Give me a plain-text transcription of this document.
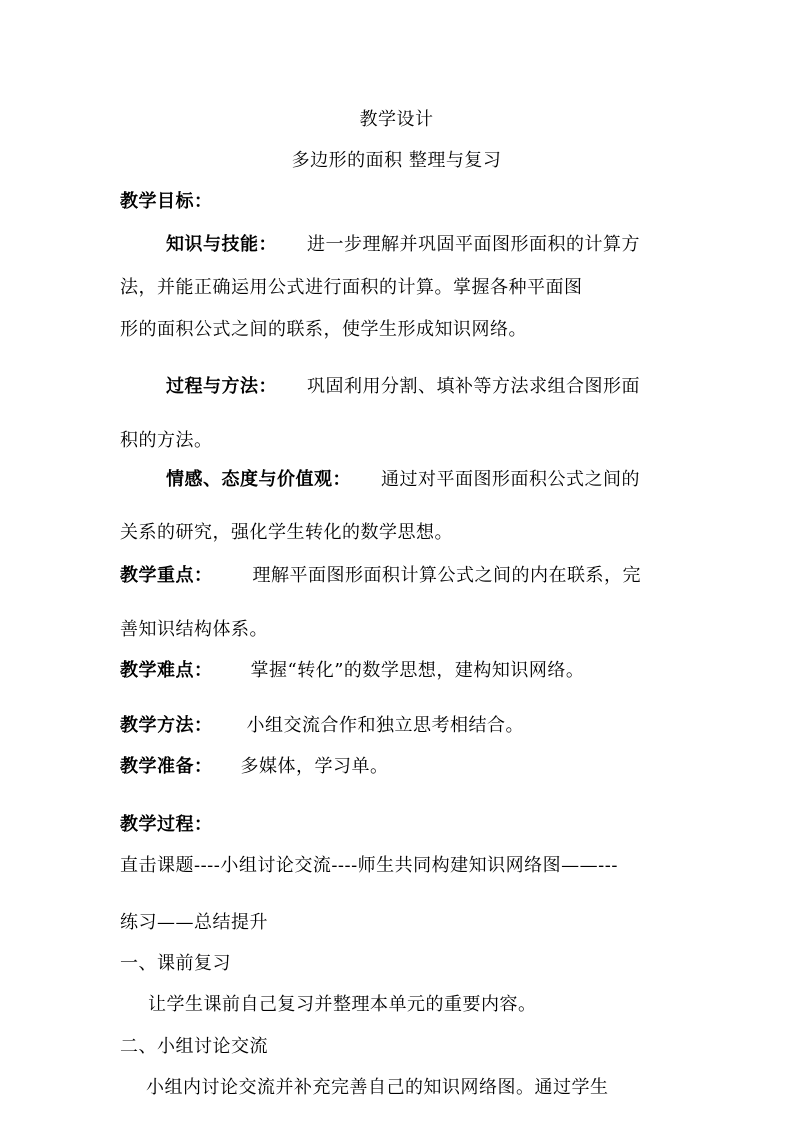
教学设计
多边形的面积 整理与复习
教学目标：
知识与技能： 进一步理解并巩固平面图形面积的计算方
法，并能正确运用公式进行面积的计算。掌握各种平面图
形的面积公式之间的联系，使学生形成知识网络。
过程与方法： 巩固利用分割、填补等方法求组合图形面
积的方法。
情感、态度与价值观： 通过对平面图形面积公式之间的
关系的研究，强化学生转化的数学思想。
教学重点： 理解平面图形面积计算公式之间的内在联系，完
善知识结构体系。
教学难点： 掌握“转化”的数学思想，建构知识网络。
教学方法： 小组交流合作和独立思考相结合。
教学准备： 多媒体，学习单。
教学过程：
直击课题----小组讨论交流----师生共同构建知识网络图——---
练习——总结提升
一、课前复习
让学生课前自己复习并整理本单元的重要内容。
二、小组讨论交流
小组内讨论交流并补充完善自己的知识网络图。通过学生
